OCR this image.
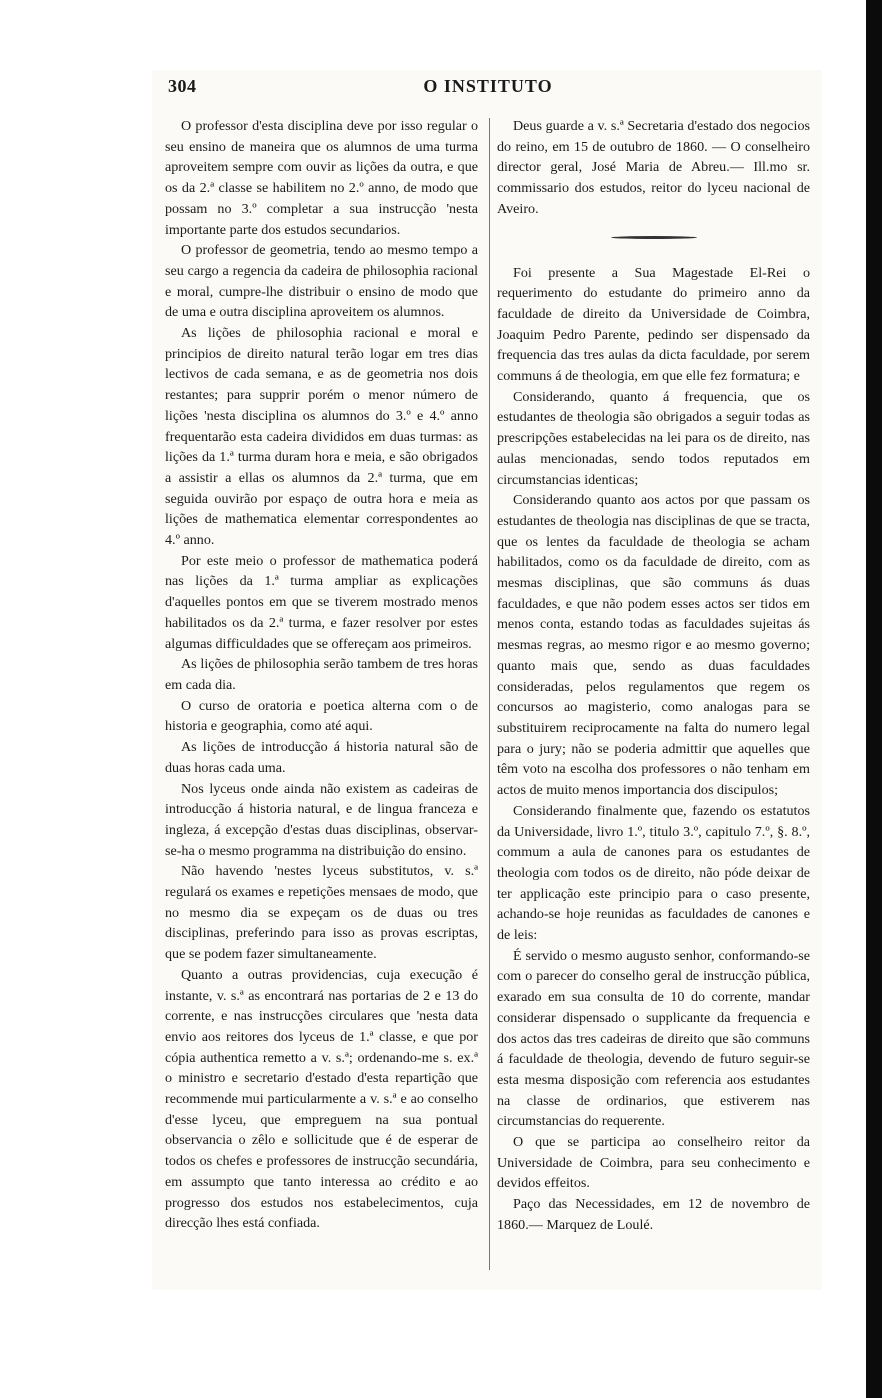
304	O INSTITUTO

O professor d'esta disciplina deve por isso regular o seu ensino de maneira que os alumnos de uma turma aproveitem sempre com ouvir as lições da outra, e que os da 2.ª classe se habilitem no 2.º anno, de modo que possam no 3.º completar a sua instrucção 'nesta importante parte dos estudos secundarios.

O professor de geometria, tendo ao mesmo tempo a seu cargo a regencia da cadeira de philosophia racional e moral, cumpre-lhe distribuir o ensino de modo que de uma e outra disciplina aproveitem os alumnos.

As lições de philosophia racional e moral e principios de direito natural terão logar em tres dias lectivos de cada semana, e as de geometria nos dois restantes; para supprir porém o menor número de lições 'nesta disciplina os alumnos do 3.º e 4.º anno frequentarão esta cadeira divididos em duas turmas: as lições da 1.ª turma duram hora e meia, e são obrigados a assistir a ellas os alumnos da 2.ª turma, que em seguida ouvirão por espaço de outra hora e meia as lições de mathematica elementar correspondentes ao 4.º anno.

Por este meio o professor de mathematica poderá nas lições da 1.ª turma ampliar as explicações d'aquelles pontos em que se tiverem mostrado menos habilitados os da 2.ª turma, e fazer resolver por estes algumas difficuldades que se offereçam aos primeiros.

As lições de philosophia serão tambem de tres horas em cada dia.

O curso de oratoria e poetica alterna com o de historia e geographia, como até aqui.

As lições de introducção á historia natural são de duas horas cada uma.

Nos lyceus onde ainda não existem as cadeiras de introducção á historia natural, e de lingua franceza e ingleza, á excepção d'estas duas disciplinas, observar-se-ha o mesmo programma na distribuição do ensino.

Não havendo 'nestes lyceus substitutos, v. s.ª regulará os exames e repetições mensaes de modo, que no mesmo dia se expeçam os de duas ou tres disciplinas, preferindo para isso as provas escriptas, que se podem fazer simultaneamente.

Quanto a outras providencias, cuja execução é instante, v. s.ª as encontrará nas portarias de 2 e 13 do corrente, e nas instrucções circulares que 'nesta data envio aos reitores dos lyceus de 1.ª classe, e que por cópia authentica remetto a v. s.ª; ordenando-me s. ex.ª o ministro e secretario d'estado d'esta repartição que recommende mui particularmente a v. s.ª e ao conselho d'esse lyceu, que empreguem na sua pontual observancia o zêlo e sollicitude que é de esperar de todos os chefes e professores de instrucção secundária, em assumpto que tanto interessa ao crédito e ao progresso dos estudos nos estabelecimentos, cuja direcção lhes está confiada.

Deus guarde a v. s.ª Secretaria d'estado dos negocios do reino, em 15 de outubro de 1860. — O conselheiro director geral, José Maria de Abreu.— Ill.mo sr. commissario dos estudos, reitor do lyceu nacional de Aveiro.

Foi presente a Sua Magestade El-Rei o requerimento do estudante do primeiro anno da faculdade de direito da Universidade de Coimbra, Joaquim Pedro Parente, pedindo ser dispensado da frequencia das tres aulas da dicta faculdade, por serem communs á de theologia, em que elle fez formatura; e

Considerando, quanto á frequencia, que os estudantes de theologia são obrigados a seguir todas as prescripções estabelecidas na lei para os de direito, nas aulas mencionadas, sendo todos reputados em circumstancias identicas;

Considerando quanto aos actos por que passam os estudantes de theologia nas disciplinas de que se tracta, que os lentes da faculdade de theologia se acham habilitados, como os da faculdade de direito, com as mesmas disciplinas, que são communs ás duas faculdades, e que não podem esses actos ser tidos em menos conta, estando todas as faculdades sujeitas ás mesmas regras, ao mesmo rigor e ao mesmo governo; quanto mais que, sendo as duas faculdades consideradas, pelos regulamentos que regem os concursos ao magisterio, como analogas para se substituirem reciprocamente na falta do numero legal para o jury; não se poderia admittir que aquelles que têm voto na escolha dos professores o não tenham em actos de muito menos importancia dos discipulos;

Considerando finalmente que, fazendo os estatutos da Universidade, livro 1.º, titulo 3.º, capitulo 7.º, §. 8.º, commum a aula de canones para os estudantes de theologia com todos os de direito, não póde deixar de ter applicação este principio para o caso presente, achando-se hoje reunidas as faculdades de canones e de leis:

É servido o mesmo augusto senhor, conformando-se com o parecer do conselho geral de instrucção pública, exarado em sua consulta de 10 do corrente, mandar considerar dispensado o supplicante da frequencia e dos actos das tres cadeiras de direito que são communs á faculdade de theologia, devendo de futuro seguir-se esta mesma disposição com referencia aos estudantes na classe de ordinarios, que estiverem nas circumstancias do requerente.

O que se participa ao conselheiro reitor da Universidade de Coimbra, para seu conhecimento e devidos effeitos.

Paço das Necessidades, em 12 de novembro de 1860.— Marquez de Loulé.
